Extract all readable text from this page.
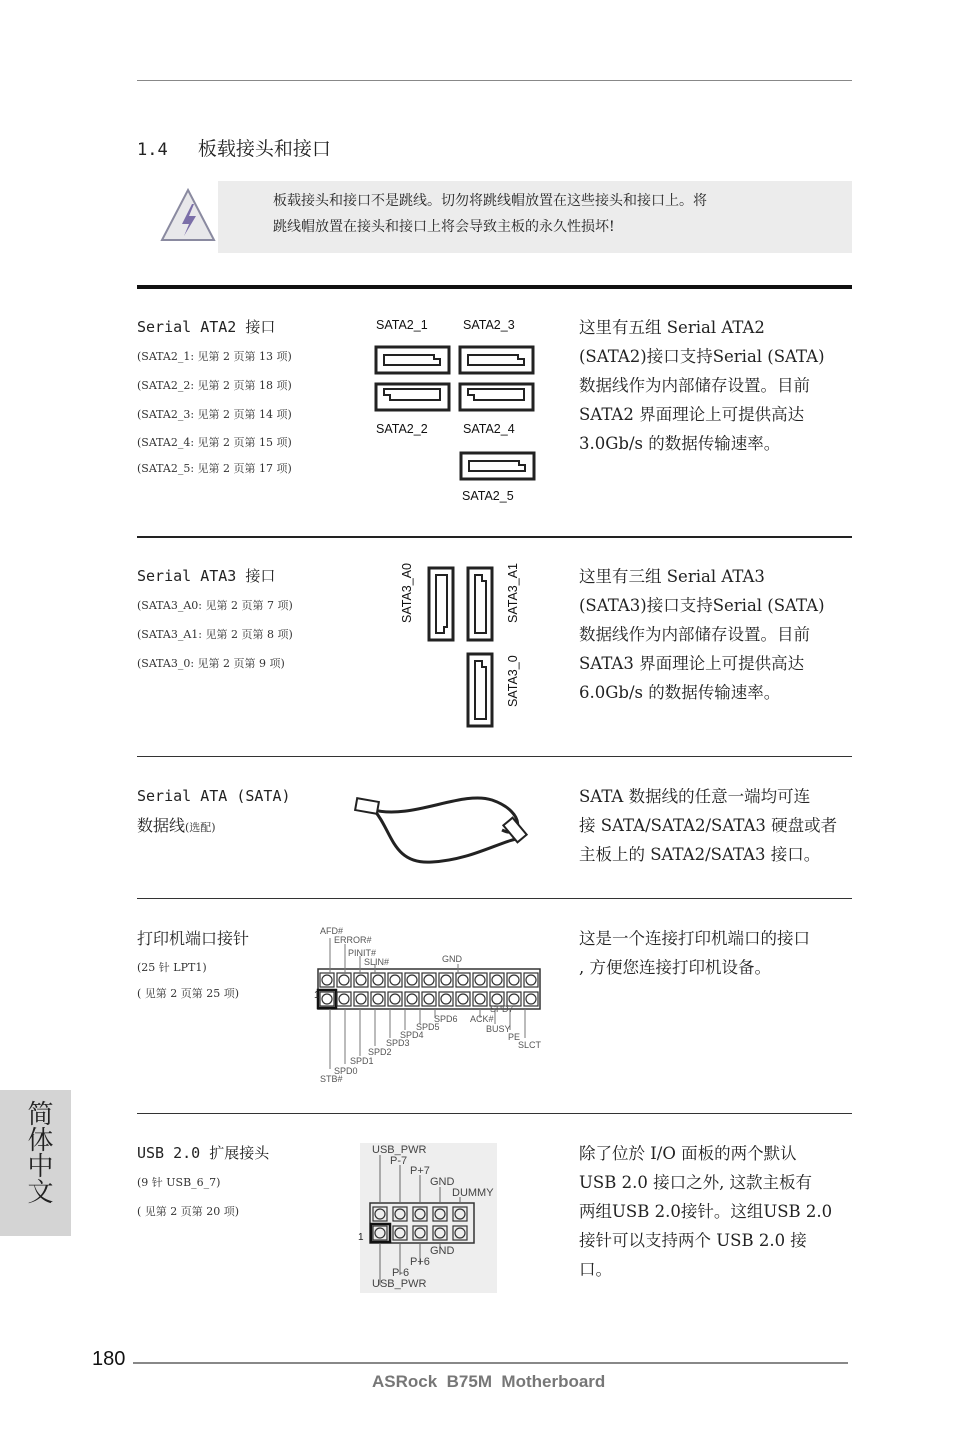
1.4 板载接头和接口
板载接头和接口不是跳线。切勿将跳线帽放置在这些接头和接口上。将
跳线帽放置在接头和接口上将会导致主板的永久性损坏!
Serial ATA2 接口
(SATA2_1: 见第 2 页第 13 项)
(SATA2_2: 见第 2 页第 18 项)
(SATA2_3: 见第 2 页第 14 项)
(SATA2_4: 见第 2 页第 15 项)
(SATA2_5: 见第 2 页第 17 项)
SATA2_1	SATA2_3
SATA2_2	SATA2_4
SATA2_5
这里有五组 Serial ATA2
(SATA2)接口支持Serial (SATA)
数据线作为内部储存设置。目前
SATA2 界面理论上可提供高达
3.0Gb/s 的数据传输速率。
Serial ATA3 接口
(SATA3_A0: 见第 2 页第 7 项)
(SATA3_A1: 见第 2 页第 8 项)
(SATA3_0: 见第 2 页第 9 项)
SATA3_A0	SATA3_A1
SATA3_0
这里有三组 Serial ATA3
(SATA3)接口支持Serial (SATA)
数据线作为内部储存设置。目前
SATA3 界面理论上可提供高达
6.0Gb/s 的数据传输速率。
Serial ATA (SATA)
数据线(选配)
SATA 数据线的任意一端均可连
接 SATA/SATA2/SATA3 硬盘或者
主板上的 SATA2/SATA3 接口。
打印机端口接针
(25 针 LPT1)
( 见第 2 页第 25 项)	1
AFD#
ERROR#
PINIT#
SLIN#	GND
SPD7
SPD6 ACK#
SPD5
SPD4
BUSY
SPD3
PE
SPD2
SLCT
SPD1
SPD0
STB#
这是一个连接打印机端口的接口
, 方便您连接打印机设备。
USB 2.0 扩展接头
(9 针 USB_6_7)
( 见第 2 页第 20 项)
1
USB_PWR
P-7
P+7
GND
DUMMY
GND
P+6
P-6
USB_PWR
除了位於 I/O 面板的两个默认
USB 2.0 接口之外, 这款主板有
两组USB 2.0接针。这组USB 2.0
接针可以支持两个 USB 2.0 接
口。
简体中文
180
ASRock  B75M  Motherboard
